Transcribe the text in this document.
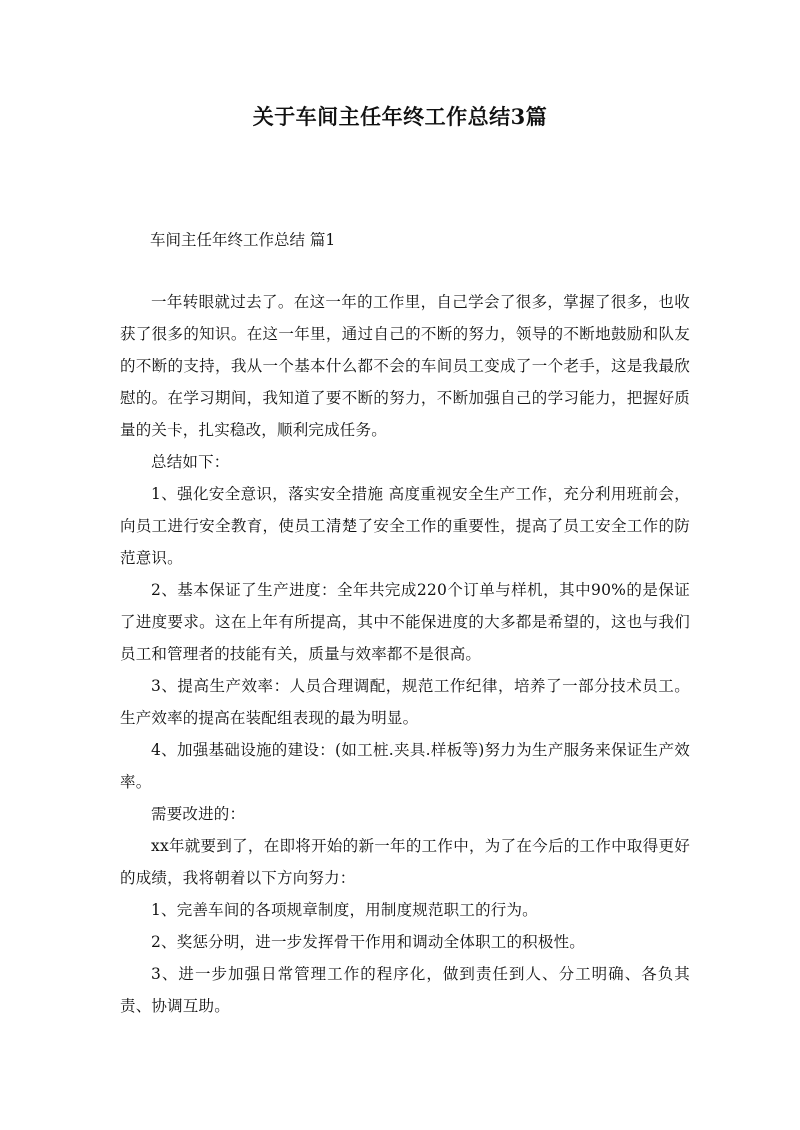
关于车间主任年终工作总结3篇
车间主任年终工作总结 篇1

一年转眼就过去了。在这一年的工作里，自己学会了很多，掌握了很多，也收获了很多的知识。在这一年里，通过自己的不断的努力，领导的不断地鼓励和队友的不断的支持，我从一个基本什么都不会的车间员工变成了一个老手，这是我最欣慰的。在学习期间，我知道了要不断的努力，不断加强自己的学习能力，把握好质量的关卡，扎实稳改，顺利完成任务。

总结如下：

1、强化安全意识，落实安全措施 高度重视安全生产工作，充分利用班前会，向员工进行安全教育，使员工清楚了安全工作的重要性，提高了员工安全工作的防范意识。

2、基本保证了生产进度：全年共完成220个订单与样机，其中90%的是保证了进度要求。这在上年有所提高，其中不能保进度的大多都是希望的，这也与我们员工和管理者的技能有关，质量与效率都不是很高。

3、提高生产效率：人员合理调配，规范工作纪律，培养了一部分技术员工。生产效率的提高在装配组表现的最为明显。

4、加强基础设施的建设：(如工桩.夹具.样板等)努力为生产服务来保证生产效率。

需要改进的：

xx年就要到了，在即将开始的新一年的工作中，为了在今后的工作中取得更好的成绩，我将朝着以下方向努力：

1、完善车间的各项规章制度，用制度规范职工的行为。

2、奖惩分明，进一步发挥骨干作用和调动全体职工的积极性。

3、进一步加强日常管理工作的程序化，做到责任到人、分工明确、各负其责、协调互助。
